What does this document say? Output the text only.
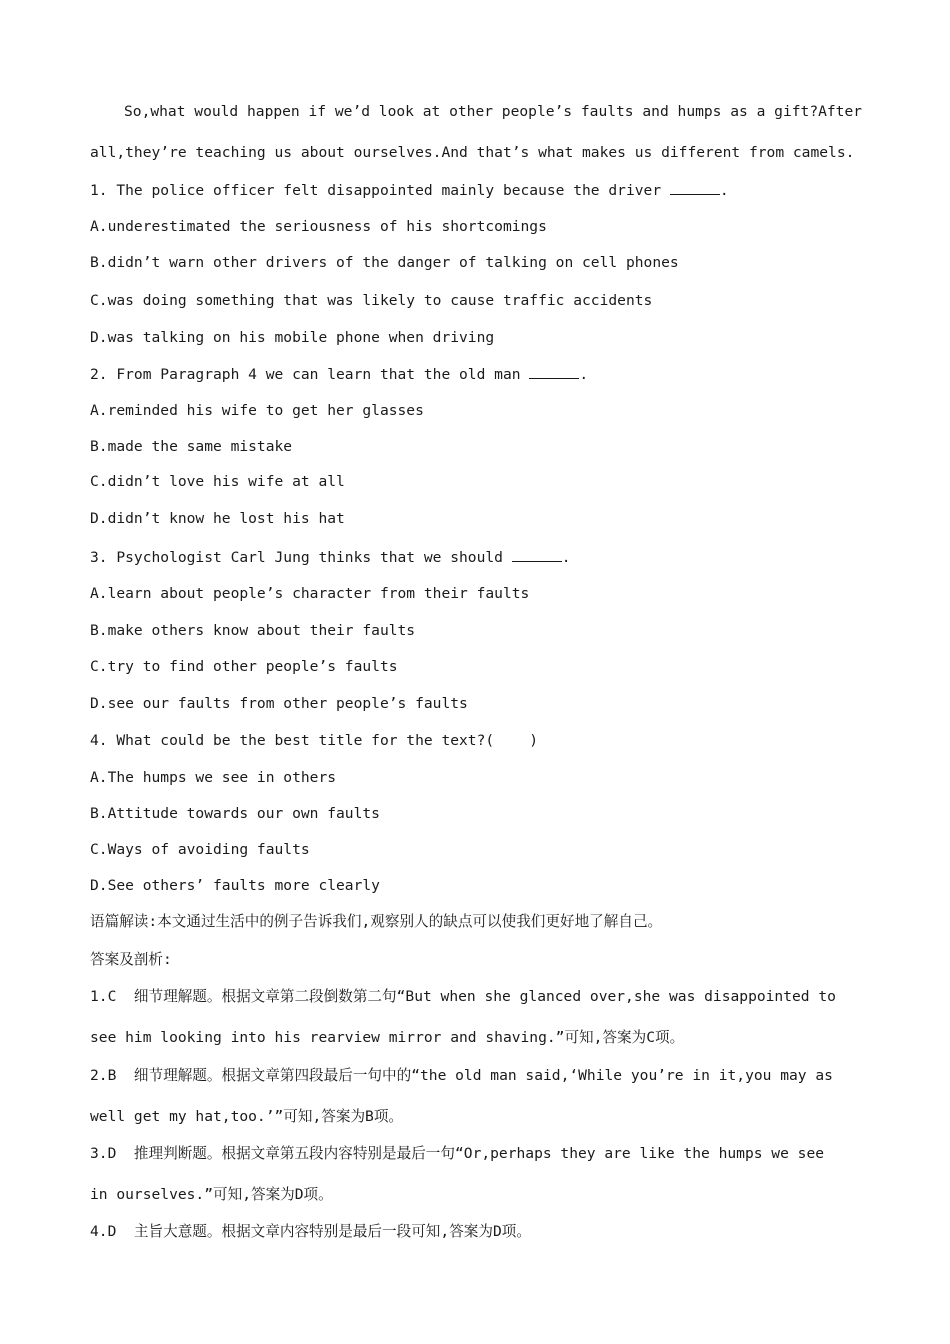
So,what would happen if we’d look at other people’s faults and humps as a gift?After
all,they’re teaching us about ourselves.And that’s what makes us different from camels.
1. The police officer felt disappointed mainly because the driver	.
A.underestimated the seriousness of his shortcomings
B.didn’t warn other drivers of the danger of talking on cell phones
C.was doing something that was likely to cause traffic accidents
D.was talking on his mobile phone when driving
2. From Paragraph 4 we can learn that the old man	.
A.reminded his wife to get her glasses
B.made the same mistake
C.didn’t love his wife at all
D.didn’t know he lost his hat
3. Psychologist Carl Jung thinks that we should	.
A.learn about people’s character from their faults
B.make others know about their faults
C.try to find other people’s faults
D.see our faults from other people’s faults
4. What could be the best title for the text?(    )
A.The humps we see in others
B.Attitude towards our own faults
C.Ways of avoiding faults
D.See others’ faults more clearly
语篇解读:本文通过生活中的例子告诉我们,观察别人的缺点可以使我们更好地了解自己。
答案及剖析:
1.C  细节理解题。根据文章第二段倒数第二句“But when she glanced over,she was disappointed to
see him looking into his rearview mirror and shaving.”可知,答案为C项。
2.B  细节理解题。根据文章第四段最后一句中的“the old man said,‘While you’re in it,you may as
well get my hat,too.’”可知,答案为B项。
3.D  推理判断题。根据文章第五段内容特别是最后一句“Or,perhaps they are like the humps we see
in ourselves.”可知,答案为D项。
4.D  主旨大意题。根据文章内容特别是最后一段可知,答案为D项。
